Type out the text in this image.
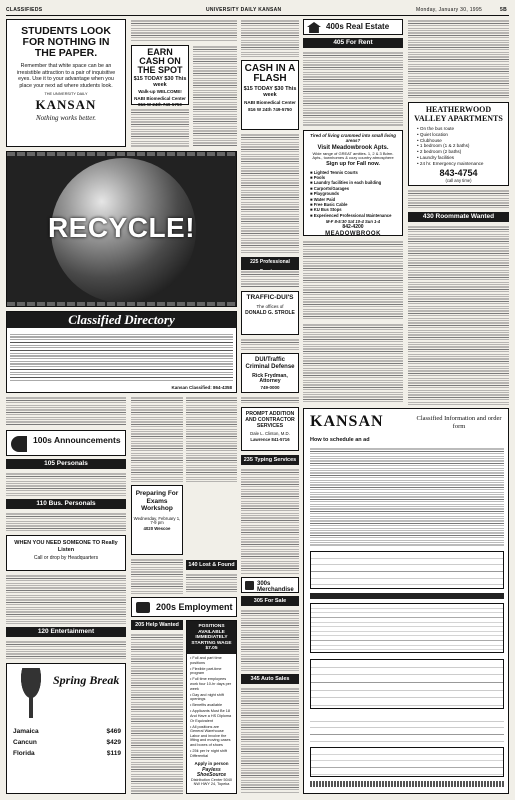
CLASSIFIEDS	UNIVERSITY DAILY KANSAN	Monday, January 30, 1995	5B
STUDENTS LOOK FOR NOTHING IN THE PAPER.
Remember that white space can be an irresistible attraction to a pair of inquisitive eyes. Use it to your advantage when you place your next ad where students look.
THE UNIVERSITY DAILY
KANSAN
Nothing works better.
RECYCLE!
EARN CASH ON THE SPOT
$15 TODAY $30 This week
Walk-up WELCOME!
NABI Biomedical Center
816 W 24th 749-5750
CASH IN A FLASH
$15 TODAY $30 This week
NABI Biomedical Center
816 W 24th 749-5750
400s Real Estate
405 For Rent
Tired of living crammed into small living areas?
Visit Meadowbrook Apts.
Wide range of GREAT amities. 1, 2 & 3 Bdrm. Apts., townhomes & cozy country atmosphere
Sign up for Fall now.
■ Lighted Tennis Courts
■ Pools
■ Laundry facilities in each building
■ Carports/Garages
■ Playgrounds
■ Water Paid
■ Free Basic Cable
■ KU Bus Stops
■ Experienced Professional Maintenance
M-F 8-5:30 Sat 10-4 Sun 1-4
842-4200
MEADOWBROOK
HEATHERWOOD VALLEY APARTMENTS
• On the bus route
• Quiet location
• Clubhouse
• 1 bedroom (1 & 2 baths)
• 2 bedroom (2 baths)
• Laundry facilities
• 24 hr. Emergency maintenance
843-4754
(call any time)
430 Roommate Wanted
225 Professional
TRAFFIC-DUI'S
The offices of
DONALD G. STROLE
DUI/Traffic Criminal Defense
Rick Frydman, Attorney
749-0000
PROMPT ADDITION AND CONTRACTOR SERVICES
Dale L. Clinton, M.D.
Lawrence 841-5716
235 Typing Services
300s Merchandise
305 For Sale
345 Auto Sales
Classified Directory
Kansan Classified: 864-4358
100s Announcements
105 Personals
110 Bus. Personals
WHEN YOU NEED SOMEONE TO Really Listen
Call or drop by Headquarters
120 Entertainment
Spring Break
Jamaica	$469
Cancun	$429
Florida	$119
Preparing For Exams Workshop
Wednesday, February 1, 7-9 pm
4020 Wescoe
200s Employment
205 Help Wanted
140 Lost & Found
POSITIONS AVAILABLE IMMEDIATELY STARTING WAGE $7.05
• Full and part time positions
• Flexible part-time program
• Full time employees work four 10-hr days per week
• Day and night shift openings
• Benefits available
• Applicants Must Be 18 And Have a HS Diploma Or Equivalent
• All positions are General Warehouse Labor and involve the lifting and moving cases and boxes of shoes
• 25¢ per hr night shift Differential
Apply in person
Payless ShoeSource
Distribution Center 5040 NW HWY 24, Topeka
KANSAN	Classified Information and order form
How to schedule an ad
